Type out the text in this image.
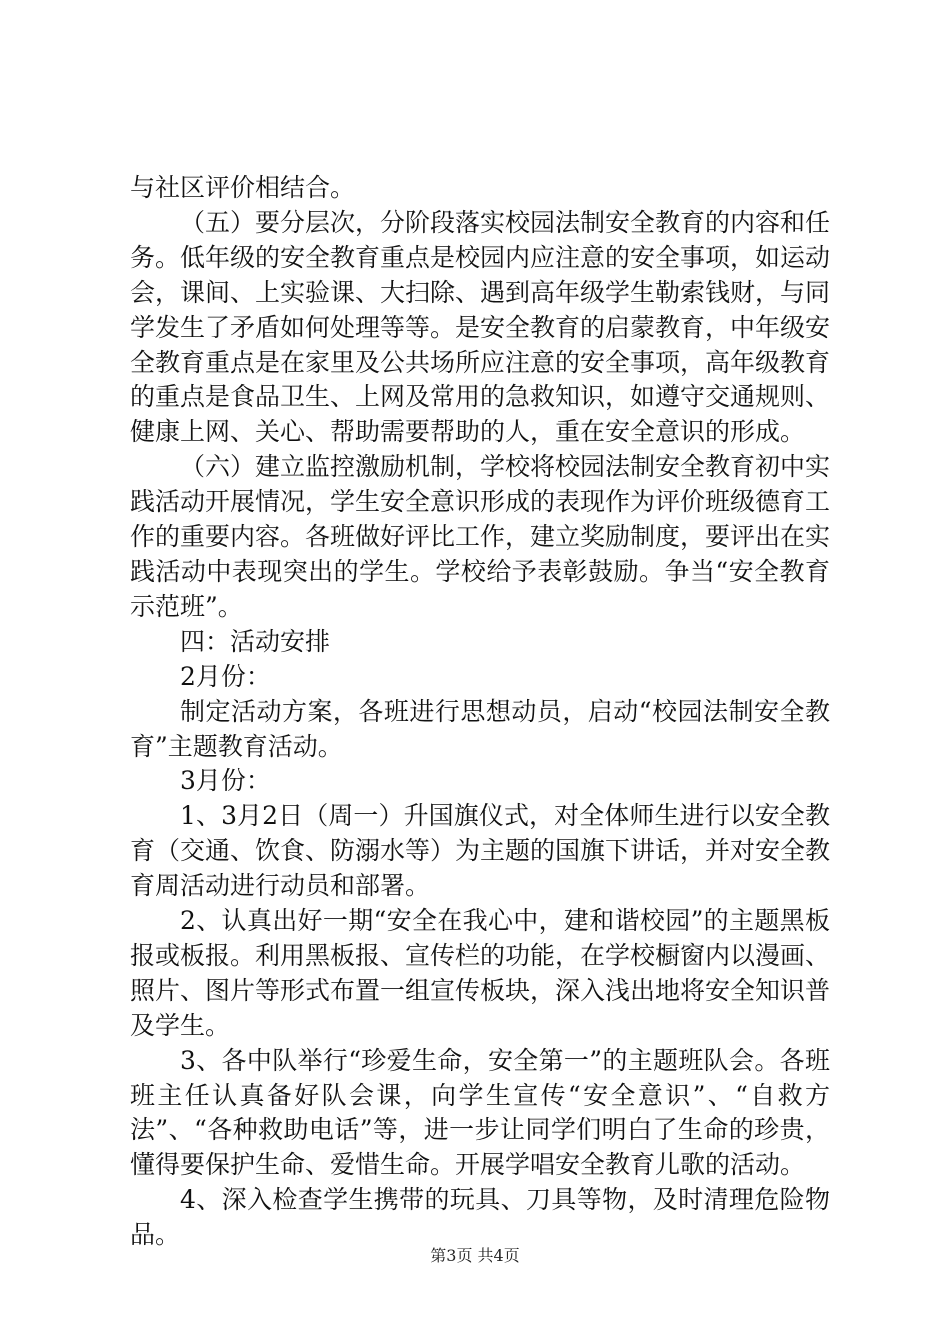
与社区评价相结合。

（五）要分层次，分阶段落实校园法制安全教育的内容和任务。低年级的安全教育重点是校园内应注意的安全事项，如运动会，课间、上实验课、大扫除、遇到高年级学生勒索钱财，与同学发生了矛盾如何处理等等。是安全教育的启蒙教育，中年级安全教育重点是在家里及公共场所应注意的安全事项，高年级教育的重点是食品卫生、上网及常用的急救知识，如遵守交通规则、健康上网、关心、帮助需要帮助的人，重在安全意识的形成。

（六）建立监控激励机制，学校将校园法制安全教育初中实践活动开展情况，学生安全意识形成的表现作为评价班级德育工作的重要内容。各班做好评比工作，建立奖励制度，要评出在实践活动中表现突出的学生。学校给予表彰鼓励。争当“安全教育示范班”。

四：活动安排

2月份：

制定活动方案，各班进行思想动员，启动“校园法制安全教育”主题教育活动。

3月份：

1、3月2日（周一）升国旗仪式，对全体师生进行以安全教育（交通、饮食、防溺水等）为主题的国旗下讲话，并对安全教育周活动进行动员和部署。

2、认真出好一期“安全在我心中，建和谐校园”的主题黑板报或板报。利用黑板报、宣传栏的功能，在学校橱窗内以漫画、照片、图片等形式布置一组宣传板块，深入浅出地将安全知识普及学生。

3、各中队举行“珍爱生命，安全第一”的主题班队会。各班班主任认真备好队会课，向学生宣传“安全意识”、“自救方法”、“各种救助电话”等，进一步让同学们明白了生命的珍贵，懂得要保护生命、爱惜生命。开展学唱安全教育儿歌的活动。

4、深入检查学生携带的玩具、刀具等物，及时清理危险物品。

第3页 共4页
